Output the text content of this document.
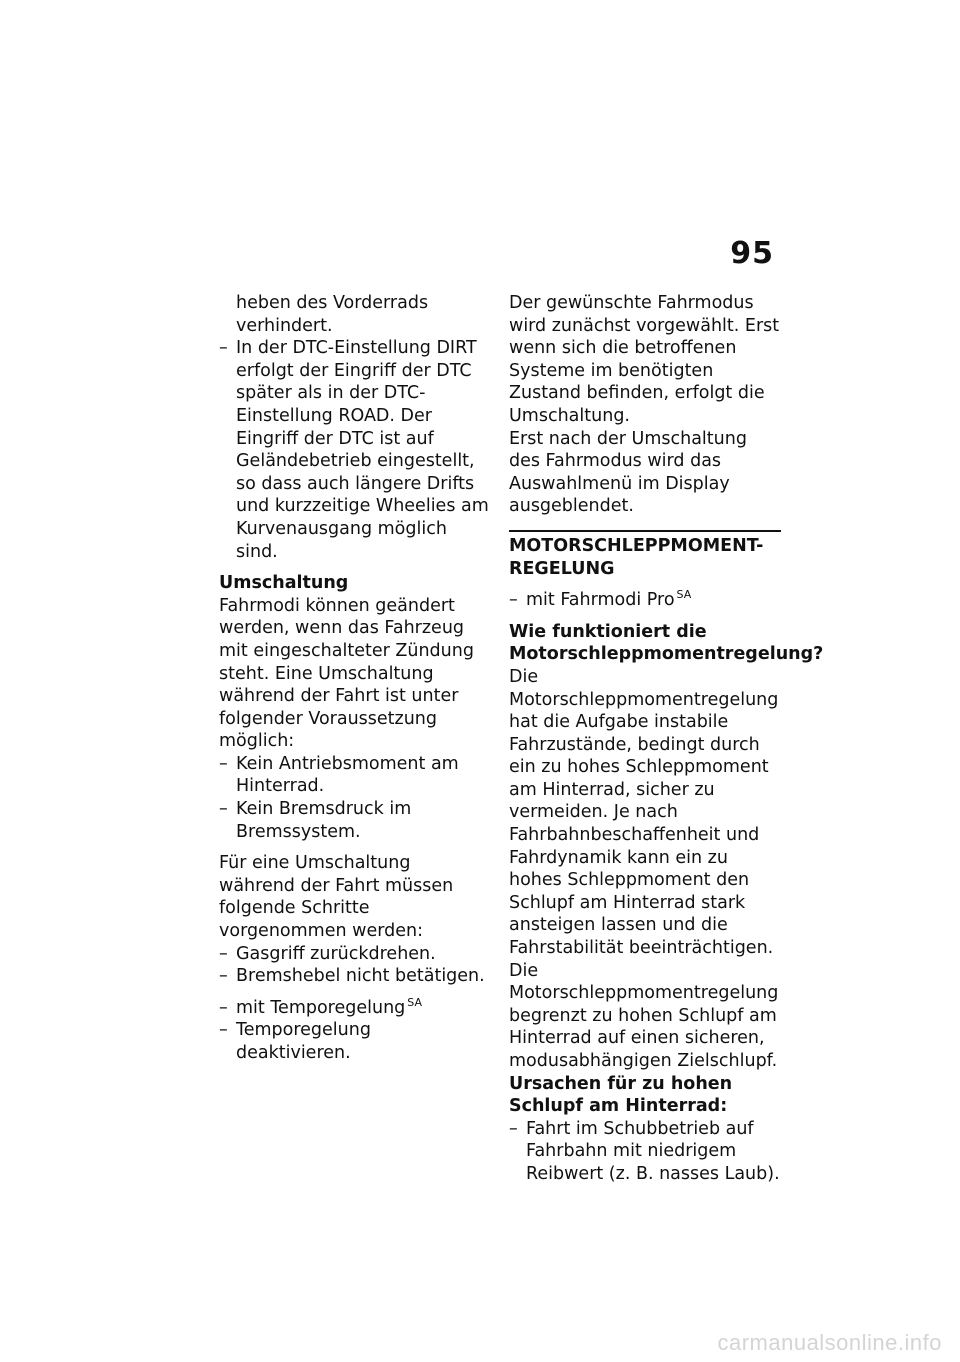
95

heben des Vorderrads verhindert.

– In der DTC-Einstellung DIRT erfolgt der Eingriff der DTC später als in der DTC-Einstellung ROAD. Der Eingriff der DTC ist auf Geländebetrieb eingestellt, so dass auch längere Drifts und kurzzeitige Wheelies am Kurvenausgang möglich sind.

Umschaltung

Fahrmodi können geändert werden, wenn das Fahrzeug mit eingeschalteter Zündung steht. Eine Umschaltung während der Fahrt ist unter folgender Voraussetzung möglich:

– Kein Antriebsmoment am Hinterrad.

– Kein Bremsdruck im Bremssystem.

Für eine Umschaltung während der Fahrt müssen folgende Schritte vorgenommen werden:

– Gasgriff zurückdrehen.

– Bremshebel nicht betätigen.

– mit Temporegelung $^{SA}$

– Temporegelung deaktivieren.

Der gewünschte Fahrmodus wird zunächst vorgewählt. Erst wenn sich die betroffenen Systeme im benötigten Zustand befinden, erfolgt die Umschaltung.

Erst nach der Umschaltung des Fahrmodus wird das Auswahlmenü im Display ausgeblendet.

MOTORSCHLEPPMOMENT-REGELUNG

– mit Fahrmodi Pro $^{SA}$

Wie funktioniert die Motorschleppmomentregelung?

Die Motorschleppmomentregelung hat die Aufgabe instabile Fahrzustände, bedingt durch ein zu hohes Schleppmoment am Hinterrad, sicher zu vermeiden. Je nach Fahrbahnbeschaffenheit und Fahrdynamik kann ein zu hohes Schleppmoment den Schlupf am Hinterrad stark ansteigen lassen und die Fahrstabilität beeinträchtigen. Die Motorschleppmomentregelung begrenzt zu hohen Schlupf am Hinterrad auf einen sicheren, modusabhängigen Zielschlupf.

Ursachen für zu hohen Schlupf am Hinterrad:

– Fahrt im Schubbetrieb auf Fahrbahn mit niedrigem Reibwert (z. B. nasses Laub).

carmanualsonline.info
